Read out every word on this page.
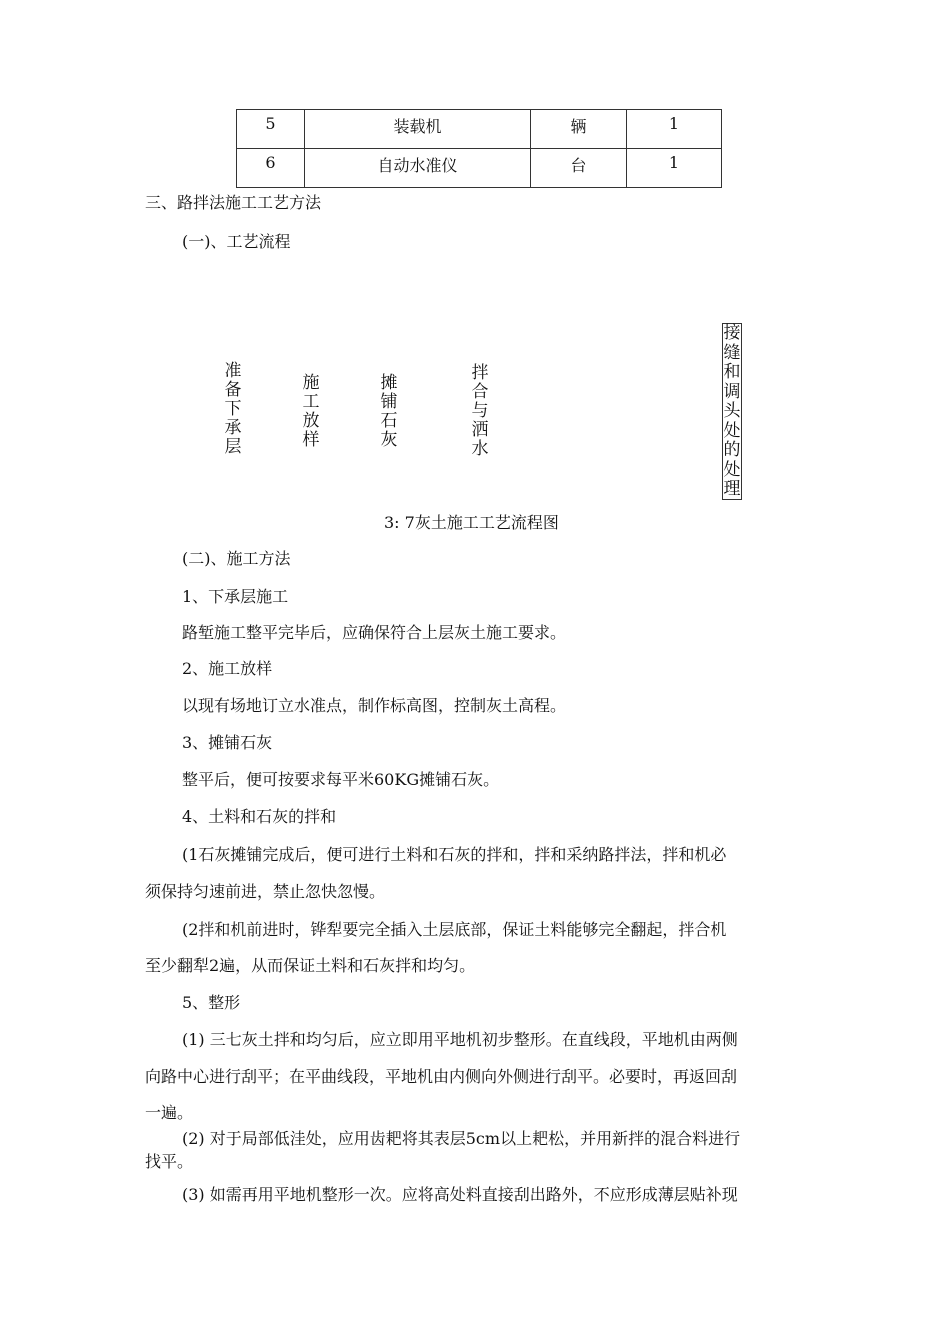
5	装载机	辆	1
6	自动水准仪	台	1
三、路拌法施工工艺方法
(一)、工艺流程
准备下承层
施工放样
摊铺石灰
拌合与洒水
接缝和调头处的处理
3: 7灰土施工工艺流程图
(二)、施工方法
1、下承层施工
路堑施工整平完毕后，应确保符合上层灰土施工要求。
2、施工放样
以现有场地订立水准点，制作标高图，控制灰土高程。
3、摊铺石灰
整平后，便可按要求每平米60KG摊铺石灰。
4、土料和石灰的拌和
(1石灰摊铺完成后，便可进行土料和石灰的拌和，拌和采纳路拌法，拌和机必
须保持匀速前进，禁止忽快忽慢。
(2拌和机前进时，铧犁要完全插入土层底部，保证土料能够完全翻起，拌合机
至少翻犁2遍，从而保证土料和石灰拌和均匀。
5、整形
(1) 三七灰土拌和均匀后，应立即用平地机初步整形。在直线段，平地机由两侧
向路中心进行刮平；在平曲线段，平地机由内侧向外侧进行刮平。必要时，再返回刮
一遍。
(2) 对于局部低洼处，应用齿耙将其表层5cm以上耙松，并用新拌的混合料进行
找平。
(3) 如需再用平地机整形一次。应将高处料直接刮出路外，不应形成薄层贴补现
